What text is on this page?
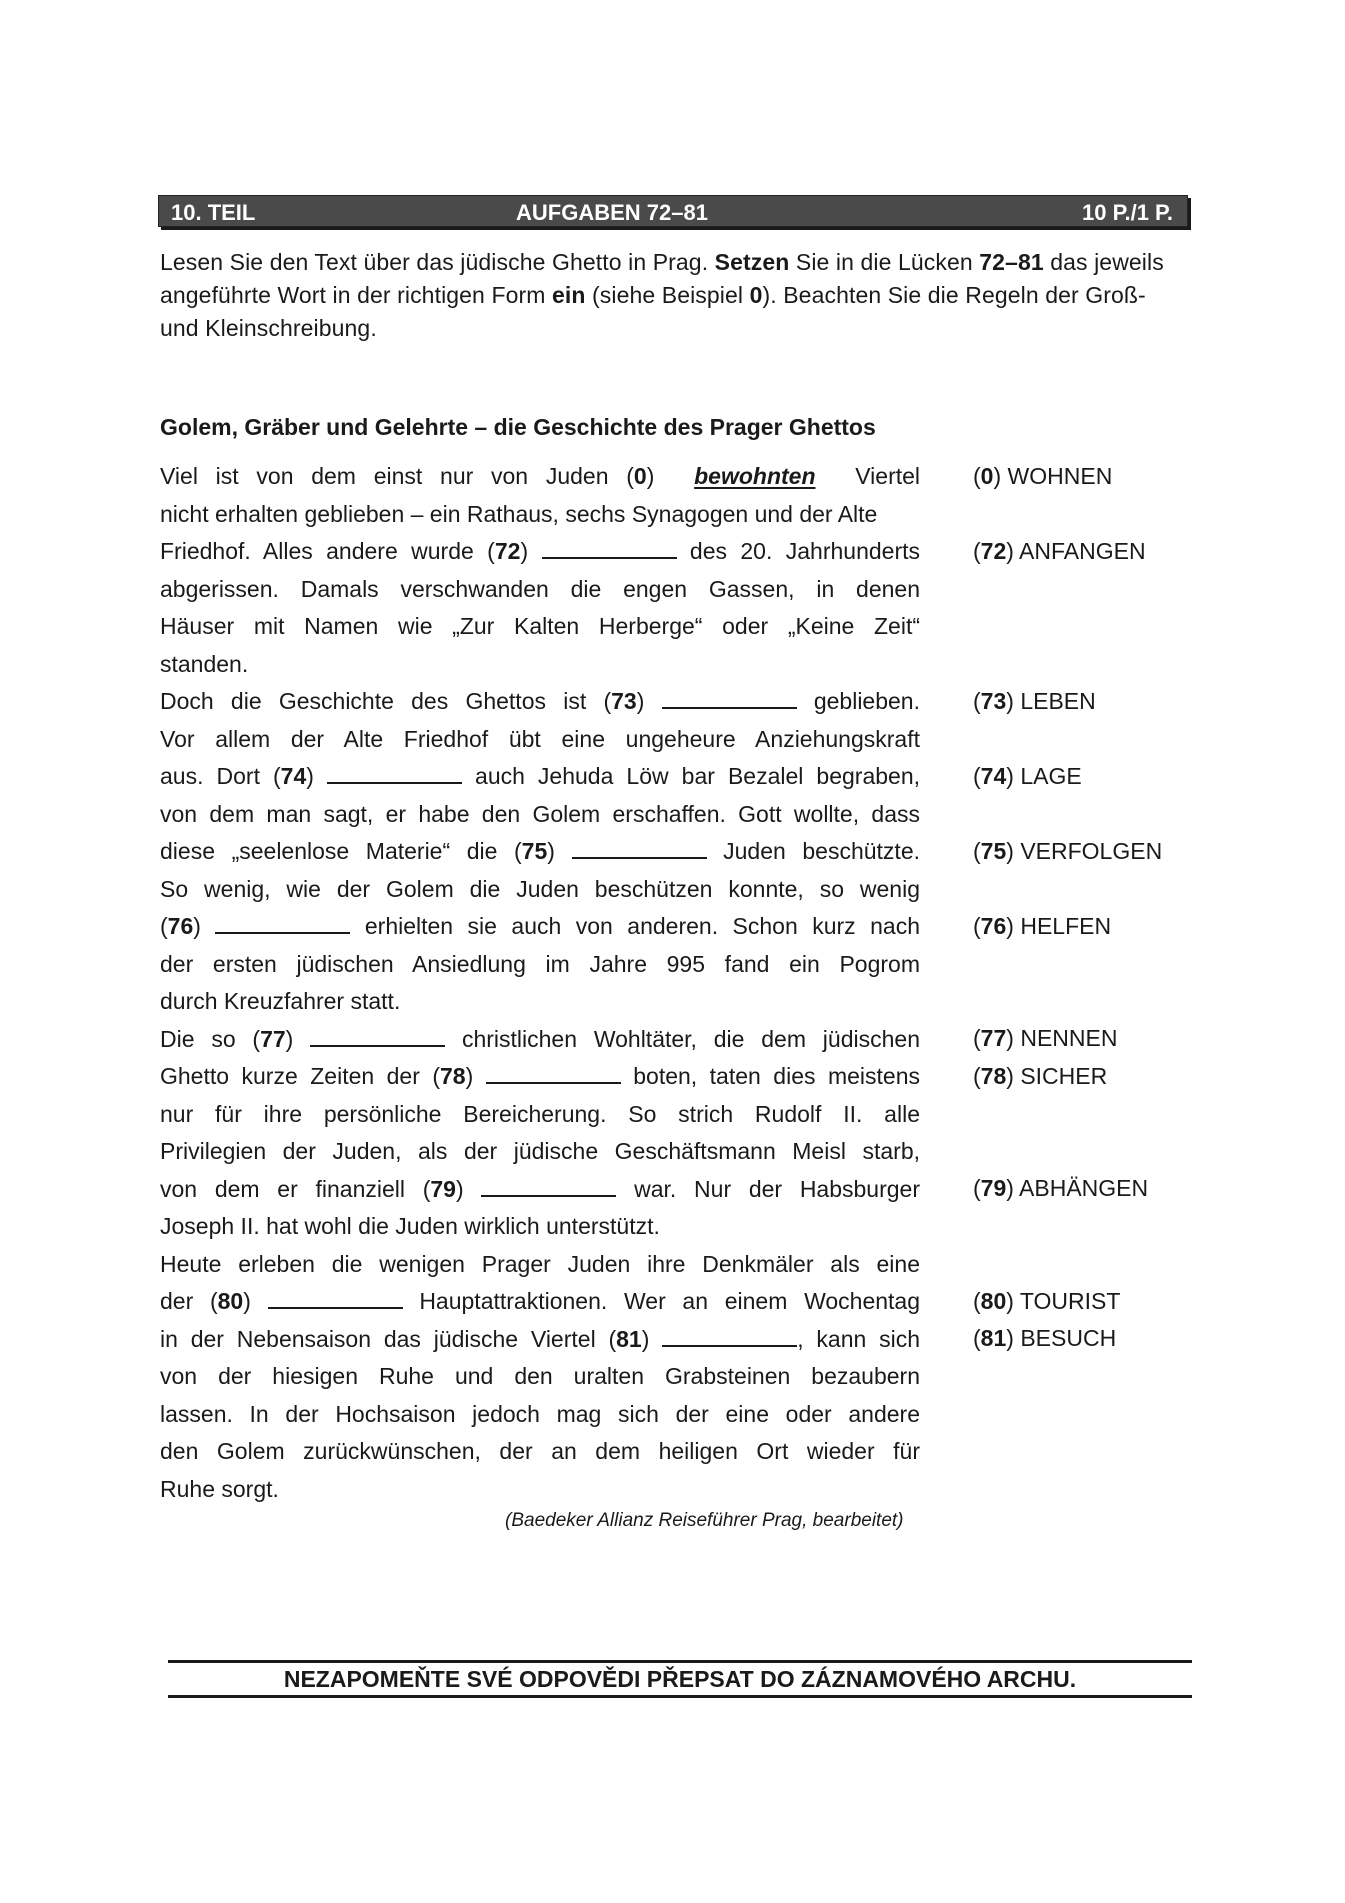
10. TEIL	AUFGABEN 72–81	10 P./1 P.
Lesen Sie den Text über das jüdische Ghetto in Prag. Setzen Sie in die Lücken 72–81 das jeweils angeführte Wort in der richtigen Form ein (siehe Beispiel 0). Beachten Sie die Regeln der Groß- und Kleinschreibung.
Golem, Gräber und Gelehrte – die Geschichte des Prager Ghettos
Viel ist von dem einst nur von Juden (0) bewohnten Viertel
nicht erhalten geblieben – ein Rathaus, sechs Synagogen und der Alte
Friedhof. Alles andere wurde (72)	des 20. Jahrhunderts
abgerissen. Damals verschwanden die engen Gassen, in denen
Häuser mit Namen wie „Zur Kalten Herberge“ oder „Keine Zeit“
standen.
Doch die Geschichte des Ghettos ist (73)	geblieben.
Vor allem der Alte Friedhof übt eine ungeheure Anziehungskraft
aus. Dort (74)	auch Jehuda Löw bar Bezalel begraben,
von dem man sagt, er habe den Golem erschaffen. Gott wollte, dass
diese „seelenlose Materie“ die (75)	Juden beschützte.
So wenig, wie der Golem die Juden beschützen konnte, so wenig
(76)	erhielten sie auch von anderen. Schon kurz nach
der ersten jüdischen Ansiedlung im Jahre 995 fand ein Pogrom
durch Kreuzfahrer statt.
Die so (77)	christlichen Wohltäter, die dem jüdischen
Ghetto kurze Zeiten der (78)	boten, taten dies meistens
nur für ihre persönliche Bereicherung. So strich Rudolf II. alle
Privilegien der Juden, als der jüdische Geschäftsmann Meisl starb,
von dem er finanziell (79)	war. Nur der Habsburger
Joseph II. hat wohl die Juden wirklich unterstützt.
Heute erleben die wenigen Prager Juden ihre Denkmäler als eine
der (80)	Hauptattraktionen. Wer an einem Wochentag
in der Nebensaison das jüdische Viertel (81)	, kann sich
von der hiesigen Ruhe und den uralten Grabsteinen bezaubern
lassen. In der Hochsaison jedoch mag sich der eine oder andere
den Golem zurückwünschen, der an dem heiligen Ort wieder für
Ruhe sorgt.
(0) WOHNEN
(72) ANFANGEN
(73) LEBEN
(74) LAGE
(75) VERFOLGEN
(76) HELFEN
(77) NENNEN
(78) SICHER
(79) ABHÄNGEN
(80) TOURIST
(81) BESUCH
(Baedeker Allianz Reiseführer Prag, bearbeitet)
NEZAPOMEŇTE SVÉ ODPOVĚDI PŘEPSAT DO ZÁZNAMOVÉHO ARCHU.
